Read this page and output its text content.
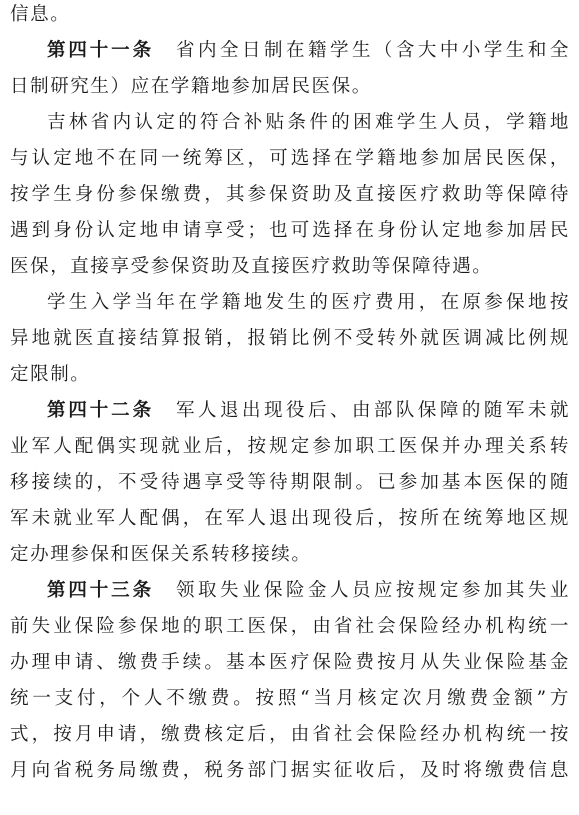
信息。
第四十一条 省内全日制在籍学生（含大中小学生和全
日制研究生）应在学籍地参加居民医保。
吉林省内认定的符合补贴条件的困难学生人员，学籍地
与认定地不在同一统筹区，可选择在学籍地参加居民医保，
按学生身份参保缴费，其参保资助及直接医疗救助等保障待
遇到身份认定地申请享受；也可选择在身份认定地参加居民
医保，直接享受参保资助及直接医疗救助等保障待遇。
学生入学当年在学籍地发生的医疗费用，在原参保地按
异地就医直接结算报销，报销比例不受转外就医调减比例规
定限制。
第四十二条 军人退出现役后、由部队保障的随军未就
业军人配偶实现就业后，按规定参加职工医保并办理关系转
移接续的，不受待遇享受等待期限制。已参加基本医保的随
军未就业军人配偶，在军人退出现役后，按所在统筹地区规
定办理参保和医保关系转移接续。
第四十三条 领取失业保险金人员应按规定参加其失业
前失业保险参保地的职工医保，由省社会保险经办机构统一
办理申请、缴费手续。基本医疗保险费按月从失业保险基金
统一支付，个人不缴费。按照“当月核定次月缴费金额”方
式，按月申请，缴费核定后，由省社会保险经办机构统一按
月向省税务局缴费，税务部门据实征收后，及时将缴费信息
